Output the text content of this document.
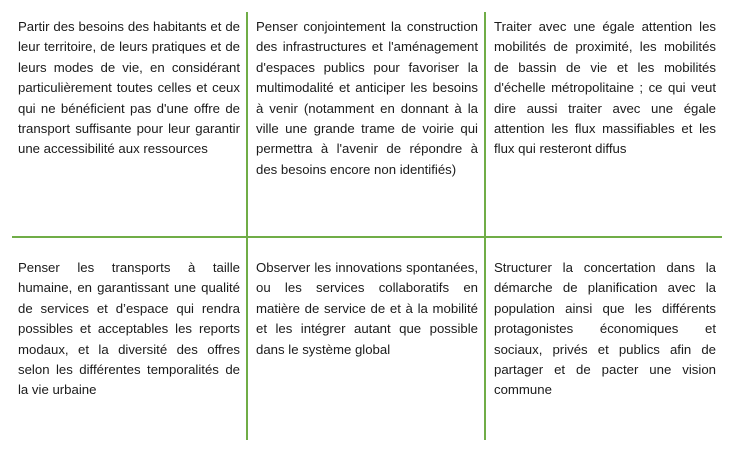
Partir des besoins des habitants et de leur territoire, de leurs pratiques et de leurs modes de vie, en considérant particulièrement toutes celles et ceux qui ne bénéficient pas d'une offre de transport suffisante pour leur garantir une accessibilité aux ressources
Penser conjointement la construction des infrastructures et l'aménagement d'espaces publics pour favoriser la multimodalité et anticiper les besoins à venir (notamment en donnant à la ville une grande trame de voirie qui permettra à l'avenir de répondre à des besoins encore non identifiés)
Traiter avec une égale attention les mobilités de proximité, les mobilités de bassin de vie et les mobilités d'échelle métropolitaine ; ce qui veut dire aussi traiter avec une égale attention les flux massifiables et les flux qui resteront diffus
Penser les transports à taille humaine, en garantissant une qualité de services et d’espace qui rendra possibles et acceptables les reports modaux, et la diversité des offres selon les différentes temporalités de la vie urbaine
Observer les innovations spontanées, ou les services collaboratifs en matière de service de et à la mobilité et les intégrer autant que possible dans le système global
Structurer la concertation dans la démarche de planification avec la population ainsi que les différents protagonistes économiques et sociaux, privés et publics afin de partager et de pacter une vision commune
